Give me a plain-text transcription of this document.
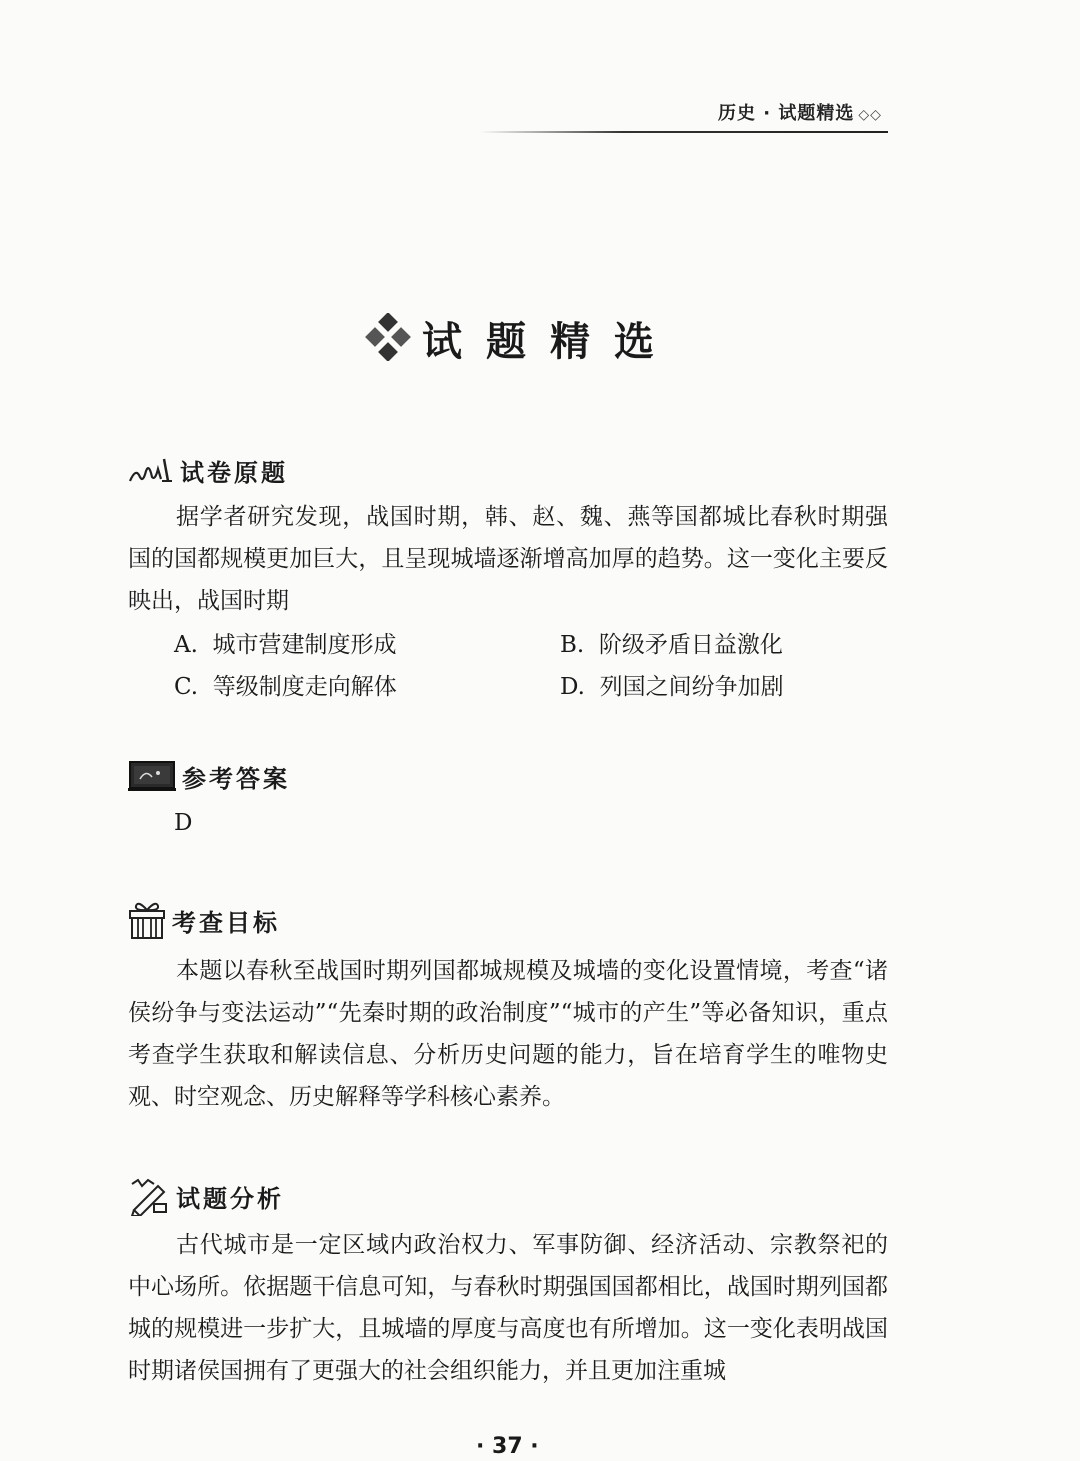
历史 · 试题精选 ◇◇
试题精选
试卷原题

据学者研究发现，战国时期，韩、赵、魏、燕等国都城比春秋时期强国的国都规模更加巨大，且呈现城墙逐渐增高加厚的趋势。这一变化主要反映出，战国时期

A. 城市营建制度形成	B. 阶级矛盾日益激化
C. 等级制度走向解体	D. 列国之间纷争加剧
参考答案
D
考查目标

本题以春秋至战国时期列国都城规模及城墙的变化设置情境，考查“诸侯纷争与变法运动”“先秦时期的政治制度”“城市的产生”等必备知识，重点考查学生获取和解读信息、分析历史问题的能力，旨在培育学生的唯物史观、时空观念、历史解释等学科核心素养。

试题分析

古代城市是一定区域内政治权力、军事防御、经济活动、宗教祭祀的中心场所。依据题干信息可知，与春秋时期强国国都相比，战国时期列国都城的规模进一步扩大，且城墙的厚度与高度也有所增加。这一变化表明战国时期诸侯国拥有了更强大的社会组织能力，并且更加注重城

· 37 ·
